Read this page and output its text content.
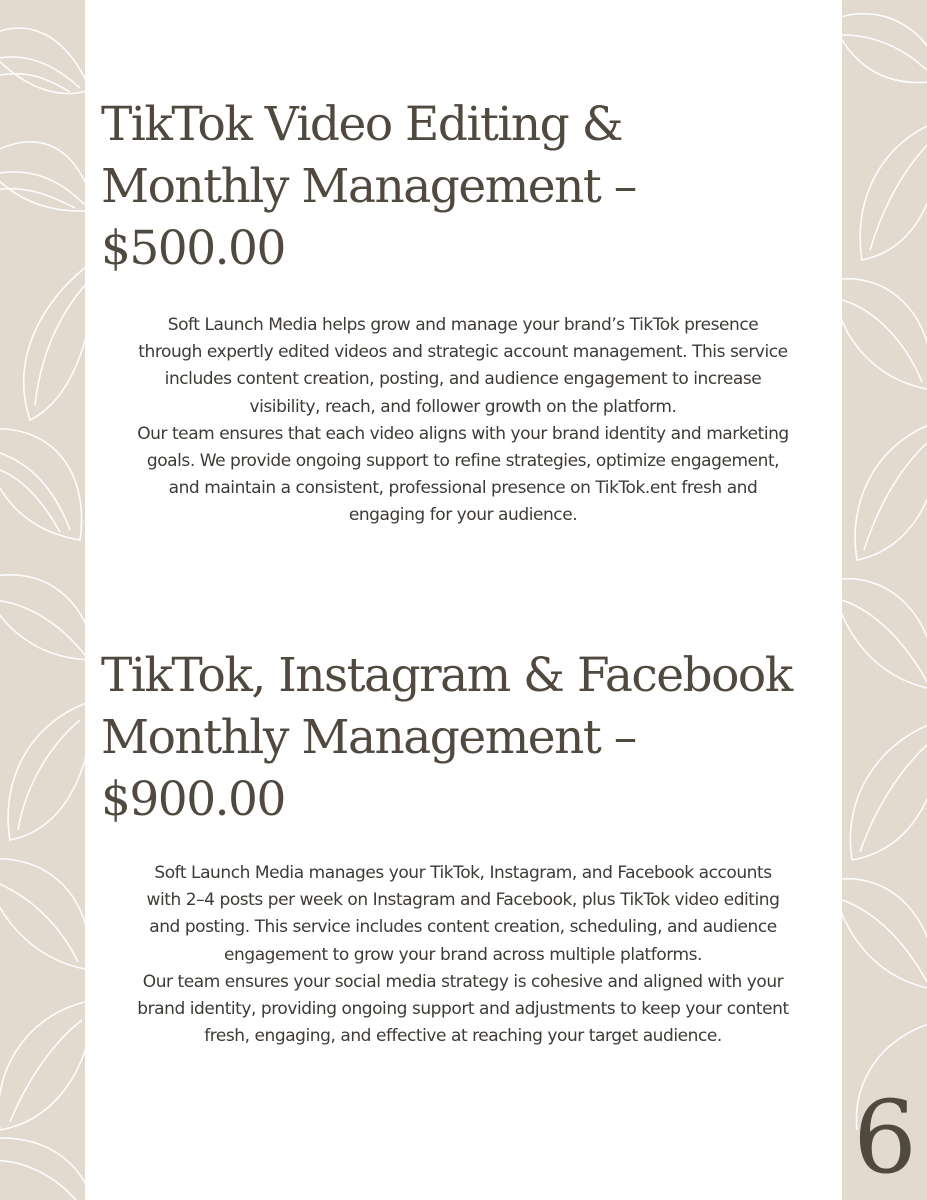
TikTok Video Editing &
Monthly Management –
$500.00

Soft Launch Media helps grow and manage your brand’s TikTok presence
through expertly edited videos and strategic account management. This service
includes content creation, posting, and audience engagement to increase
visibility, reach, and follower growth on the platform.
Our team ensures that each video aligns with your brand identity and marketing
goals. We provide ongoing support to refine strategies, optimize engagement,
and maintain a consistent, professional presence on TikTok.ent fresh and
engaging for your audience.

TikTok, Instagram & Facebook
Monthly Management –
$900.00

Soft Launch Media manages your TikTok, Instagram, and Facebook accounts
with 2–4 posts per week on Instagram and Facebook, plus TikTok video editing
and posting. This service includes content creation, scheduling, and audience
engagement to grow your brand across multiple platforms.
Our team ensures your social media strategy is cohesive and aligned with your
brand identity, providing ongoing support and adjustments to keep your content
fresh, engaging, and effective at reaching your target audience.

6
